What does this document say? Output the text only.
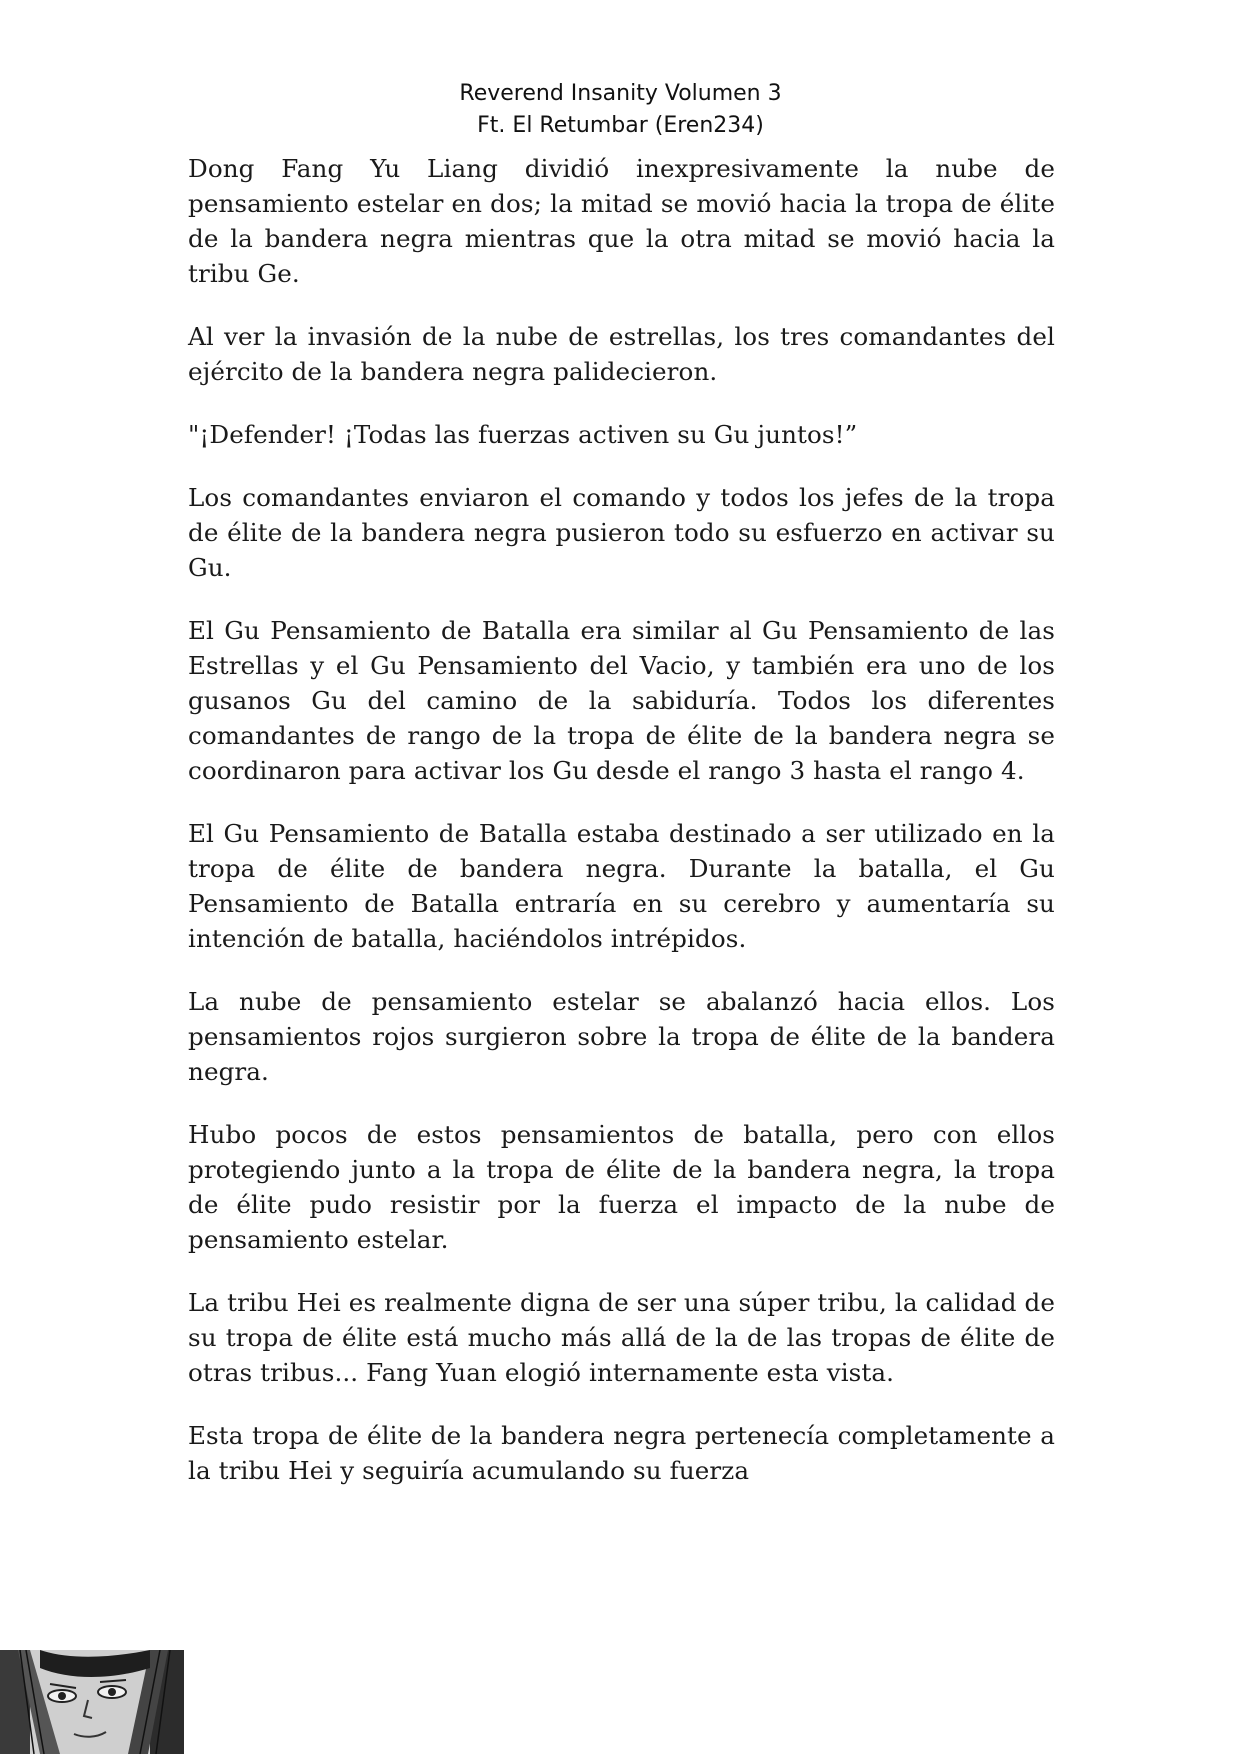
Reverend Insanity Volumen 3
Ft. El Retumbar (Eren234)

Dong Fang Yu Liang dividió inexpresivamente la nube de pensamiento estelar en dos; la mitad se movió hacia la tropa de élite de la bandera negra mientras que la otra mitad se movió hacia la tribu Ge.

Al ver la invasión de la nube de estrellas, los tres comandantes del ejército de la bandera negra palidecieron.

"¡Defender! ¡Todas las fuerzas activen su Gu juntos!”

Los comandantes enviaron el comando y todos los jefes de la tropa de élite de la bandera negra pusieron todo su esfuerzo en activar su Gu.

El Gu Pensamiento de Batalla era similar al Gu Pensamiento de las Estrellas y el Gu Pensamiento del Vacio, y también era uno de los gusanos Gu del camino de la sabiduría. Todos los diferentes comandantes de rango de la tropa de élite de la bandera negra se coordinaron para activar los Gu desde el rango 3 hasta el rango 4.

El Gu Pensamiento de Batalla estaba destinado a ser utilizado en la tropa de élite de bandera negra. Durante la batalla, el Gu Pensamiento de Batalla entraría en su cerebro y aumentaría su intención de batalla, haciéndolos intrépidos.

La nube de pensamiento estelar se abalanzó hacia ellos. Los pensamientos rojos surgieron sobre la tropa de élite de la bandera negra.

Hubo pocos de estos pensamientos de batalla, pero con ellos protegiendo junto a la tropa de élite de la bandera negra, la tropa de élite pudo resistir por la fuerza el impacto de la nube de pensamiento estelar.

La tribu Hei es realmente digna de ser una súper tribu, la calidad de su tropa de élite está mucho más allá de la de las tropas de élite de otras tribus... Fang Yuan elogió internamente esta vista.

Esta tropa de élite de la bandera negra pertenecía completamente a la tribu Hei y seguiría acumulando su fuerza
